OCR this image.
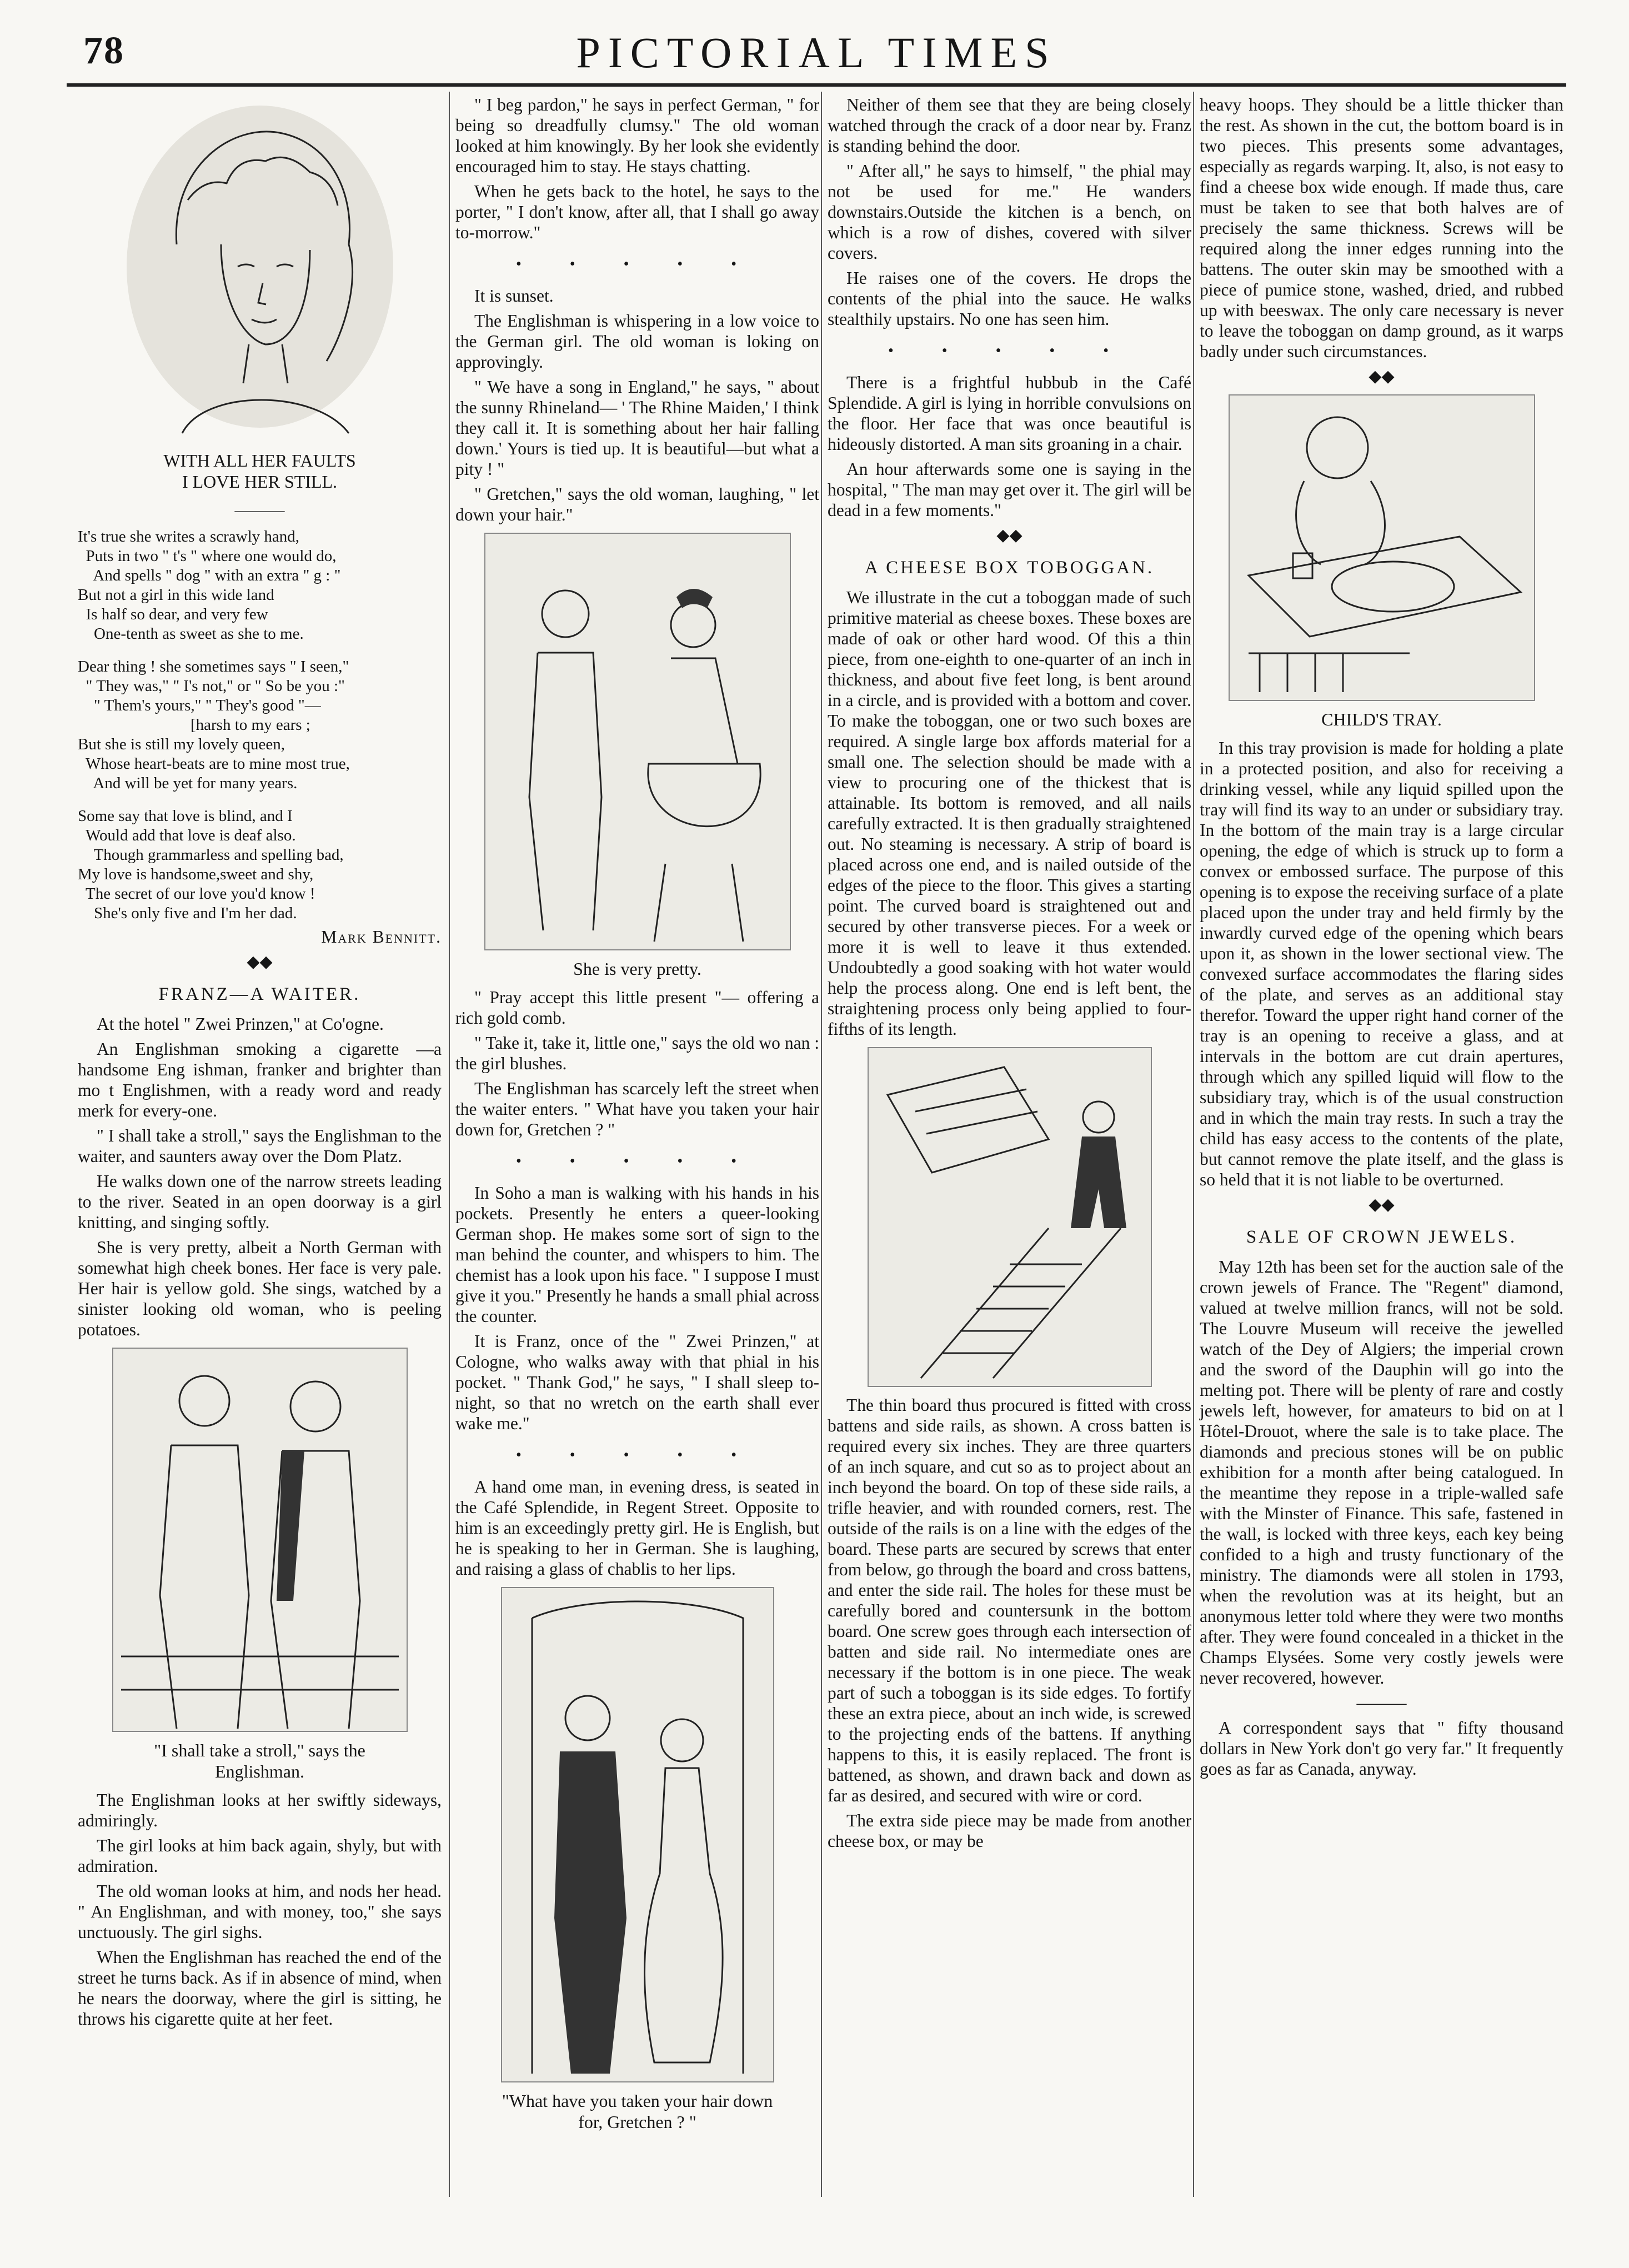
78	PICTORIAL TIMES
WITH ALL HER FAULTS
I LOVE HER STILL.
———
It's true she writes a scrawly hand,
Puts in two " t's " where one would do,
And spells " dog " with an extra " g : "
But not a girl in this wide land
Is half so dear, and very few
One-tenth as sweet as she to me.
Dear thing ! she sometimes says " I seen,"
" They was," " I's not," or " So be you :"
" Them's yours," " They's good "—
[harsh to my ears ;
But she is still my lovely queen,
Whose heart-beats are to mine most true,
And will be yet for many years.
Some say that love is blind, and I
Would add that love is deaf also.
Though grammarless and spelling bad,
My love is handsome,sweet and shy,
The secret of our love you'd know !
She's only five and I'm her dad.
Mark Bennitt.
◆◆
FRANZ—A WAITER.

At the hotel " Zwei Prinzen," at Co'ogne.

An Englishman smoking a cigarette —a handsome Eng ishman, franker and brighter than mo t Englishmen, with a ready word and ready merk for every-one.

" I shall take a stroll," says the Englishman to the waiter, and saunters away over the Dom Platz.

He walks down one of the narrow streets leading to the river. Seated in an open doorway is a girl knitting, and singing softly.

She is very pretty, albeit a North German with somewhat high cheek bones. Her face is very pale. Her hair is yellow gold. She sings, watched by a sinister looking old woman, who is peeling potatoes.

"I shall take a stroll," says the
Englishman.

The Englishman looks at her swiftly sideways, admiringly.

The girl looks at him back again, shyly, but with admiration.

The old woman looks at him, and nods her head. " An Englishman, and with money, too," she says unctuously. The girl sighs.

When the Englishman has reached the end of the street he turns back. As if in absence of mind, when he nears the doorway, where the girl is sitting, he throws his cigarette quite at her feet.

" I beg pardon," he says in perfect German, " for being so dreadfully clumsy." The old woman looked at him knowingly. By her look she evidently encouraged him to stay. He stays chatting.

When he gets back to the hotel, he says to the porter, " I don't know, after all, that I shall go away to-morrow."

• • • • •

It is sunset.

The Englishman is whispering in a low voice to the German girl. The old woman is loking on approvingly.

" We have a song in England," he says, " about the sunny Rhineland— ' The Rhine Maiden,' I think they call it. It is something about her hair falling down.' Yours is tied up. It is beautiful—but what a pity ! "

" Gretchen," says the old woman, laughing, " let down your hair."

She is very pretty.

" Pray accept this little present "— offering a rich gold comb.

" Take it, take it, little one," says the old wo nan : the girl blushes.

The Englishman has scarcely left the street when the waiter enters. " What have you taken your hair down for, Gretchen ? "

• • • • •

In Soho a man is walking with his hands in his pockets. Presently he enters a queer-looking German shop. He makes some sort of sign to the man behind the counter, and whispers to him. The chemist has a look upon his face. " I suppose I must give it you." Presently he hands a small phial across the counter.

It is Franz, once of the " Zwei Prinzen," at Cologne, who walks away with that phial in his pocket. " Thank God," he says, " I shall sleep to-night, so that no wretch on the earth shall ever wake me."

• • • • •

A hand ome man, in evening dress, is seated in the Café Splendide, in Regent Street. Opposite to him is an exceedingly pretty girl. He is English, but he is speaking to her in German. She is laughing, and raising a glass of chablis to her lips.

"What have you taken your hair down
for, Gretchen ? "

Neither of them see that they are being closely watched through the crack of a door near by. Franz is standing behind the door.

" After all," he says to himself, " the phial may not be used for me." He wanders downstairs.Outside the kitchen is a bench, on which is a row of dishes, covered with silver covers.

He raises one of the covers. He drops the contents of the phial into the sauce. He walks stealthily upstairs. No one has seen him.

• • • • •

There is a frightful hubbub in the Café Splendide. A girl is lying in horrible convulsions on the floor. Her face that was once beautiful is hideously distorted. A man sits groaning in a chair.

An hour afterwards some one is saying in the hospital, " The man may get over it. The girl will be dead in a few moments."

◆◆
A CHEESE BOX TOBOGGAN.

We illustrate in the cut a toboggan made of such primitive material as cheese boxes. These boxes are made of oak or other hard wood. Of this a thin piece, from one-eighth to one-quarter of an inch in thickness, and about five feet long, is bent around in a circle, and is provided with a bottom and cover. To make the toboggan, one or two such boxes are required. A single large box affords material for a small one. The selection should be made with a view to procuring one of the thickest that is attainable. Its bottom is removed, and all nails carefully extracted. It is then gradually straightened out. No steaming is necessary. A strip of board is placed across one end, and is nailed outside of the edges of the piece to the floor. This gives a starting point. The curved board is straightened out and secured by other transverse pieces. For a week or more it is well to leave it thus extended. Undoubtedly a good soaking with hot water would help the process along. One end is left bent, the straightening process only being applied to four-fifths of its length.

The thin board thus procured is fitted with cross battens and side rails, as shown. A cross batten is required every six inches. They are three quarters of an inch square, and cut so as to project about an inch beyond the board. On top of these side rails, a trifle heavier, and with rounded corners, rest. The outside of the rails is on a line with the edges of the board. These parts are secured by screws that enter from below, go through the board and cross battens, and enter the side rail. The holes for these must be carefully bored and countersunk in the bottom board. One screw goes through each intersection of batten and side rail. No intermediate ones are necessary if the bottom is in one piece. The weak part of such a toboggan is its side edges. To fortify these an extra piece, about an inch wide, is screwed to the projecting ends of the battens. If anything happens to this, it is easily replaced. The front is battened, as shown, and drawn back and down as far as desired, and secured with wire or cord.

The extra side piece may be made from another cheese box, or may be

heavy hoops. They should be a little thicker than the rest. As shown in the cut, the bottom board is in two pieces. This presents some advantages, especially as regards warping. It, also, is not easy to find a cheese box wide enough. If made thus, care must be taken to see that both halves are of precisely the same thickness. Screws will be required along the inner edges running into the battens. The outer skin may be smoothed with a piece of pumice stone, washed, dried, and rubbed up with beeswax. The only care necessary is never to leave the toboggan on damp ground, as it warps badly under such circumstances.

◆◆
CHILD'S TRAY.

In this tray provision is made for holding a plate in a protected position, and also for receiving a drinking vessel, while any liquid spilled upon the tray will find its way to an under or subsidiary tray. In the bottom of the main tray is a large circular opening, the edge of which is struck up to form a convex or embossed surface. The purpose of this opening is to expose the receiving surface of a plate placed upon the under tray and held firmly by the inwardly curved edge of the opening which bears upon it, as shown in the lower sectional view. The convexed surface accommodates the flaring sides of the plate, and serves as an additional stay therefor. Toward the upper right hand corner of the tray is an opening to receive a glass, and at intervals in the bottom are cut drain apertures, through which any spilled liquid will flow to the subsidiary tray, which is of the usual construction and in which the main tray rests. In such a tray the child has easy access to the contents of the plate, but cannot remove the plate itself, and the glass is so held that it is not liable to be overturned.

◆◆
SALE OF CROWN JEWELS.

May 12th has been set for the auction sale of the crown jewels of France. The "Regent" diamond, valued at twelve million francs, will not be sold. The Louvre Museum will receive the jewelled watch of the Dey of Algiers; the imperial crown and the sword of the Dauphin will go into the melting pot. There will be plenty of rare and costly jewels left, however, for amateurs to bid on at l Hôtel-Drouot, where the sale is to take place. The diamonds and precious stones will be on public exhibition for a month after being catalogued. In the meantime they repose in a triple-walled safe with the Minster of Finance. This safe, fastened in the wall, is locked with three keys, each key being confided to a high and trusty functionary of the ministry. The diamonds were all stolen in 1793, when the revolution was at its height, but an anonymous letter told where they were two months after. They were found concealed in a thicket in the Champs Elysées. Some very costly jewels were never recovered, however.

———

A correspondent says that " fifty thousand dollars in New York don't go very far." It frequently goes as far as Canada, anyway.
